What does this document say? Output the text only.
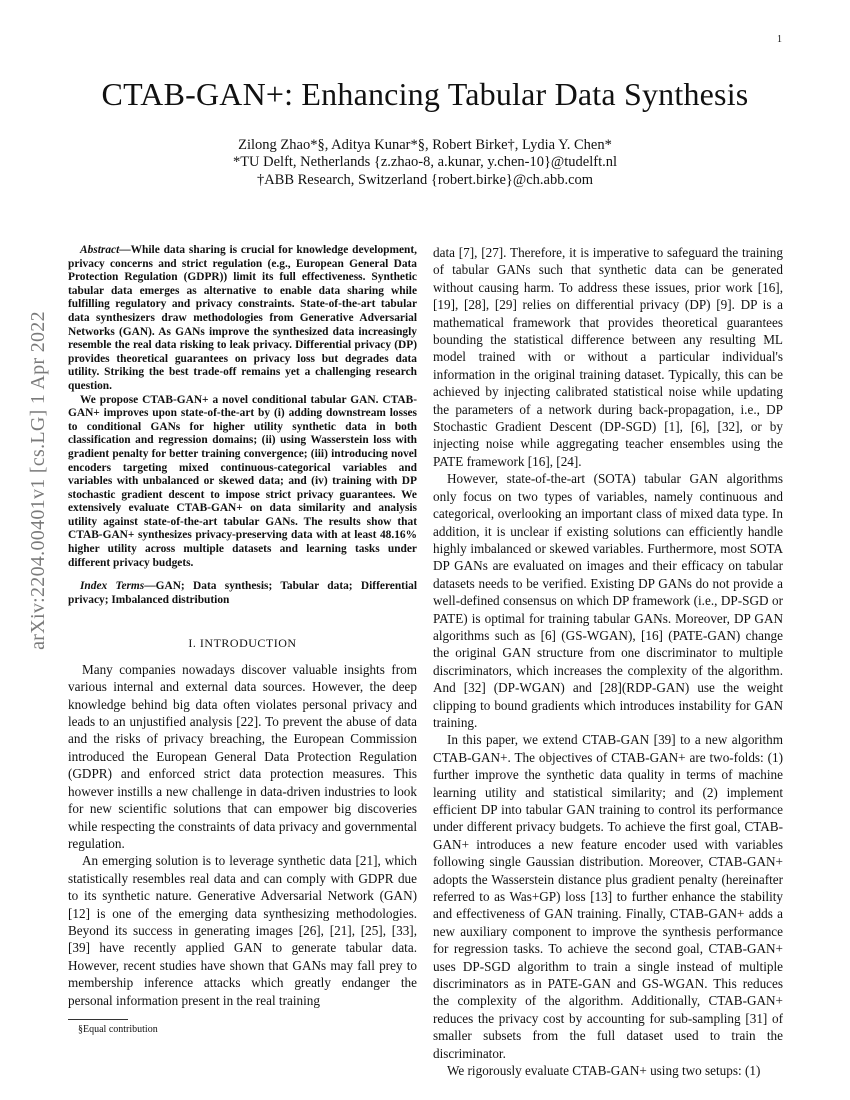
1
arXiv:2204.00401v1 [cs.LG] 1 Apr 2022
CTAB-GAN+: Enhancing Tabular Data Synthesis
Zilong Zhao*§, Aditya Kunar*§, Robert Birke†, Lydia Y. Chen*
*TU Delft, Netherlands {z.zhao-8, a.kunar, y.chen-10}@tudelft.nl
†ABB Research, Switzerland {robert.birke}@ch.abb.com

Abstract—While data sharing is crucial for knowledge development, privacy concerns and strict regulation (e.g., European General Data Protection Regulation (GDPR)) limit its full effectiveness. Synthetic tabular data emerges as alternative to enable data sharing while fulfilling regulatory and privacy constraints. State-of-the-art tabular data synthesizers draw methodologies from Generative Adversarial Networks (GAN). As GANs improve the synthesized data increasingly resemble the real data risking to leak privacy. Differential privacy (DP) provides theoretical guarantees on privacy loss but degrades data utility. Striking the best trade-off remains yet a challenging research question.

We propose CTAB-GAN+ a novel conditional tabular GAN. CTAB-GAN+ improves upon state-of-the-art by (i) adding downstream losses to conditional GANs for higher utility synthetic data in both classification and regression domains; (ii) using Wasserstein loss with gradient penalty for better training convergence; (iii) introducing novel encoders targeting mixed continuous-categorical variables and variables with unbalanced or skewed data; and (iv) training with DP stochastic gradient descent to impose strict privacy guarantees. We extensively evaluate CTAB-GAN+ on data similarity and analysis utility against state-of-the-art tabular GANs. The results show that CTAB-GAN+ synthesizes privacy-preserving data with at least 48.16% higher utility across multiple datasets and learning tasks under different privacy budgets.

Index Terms—GAN; Data synthesis; Tabular data; Differential privacy; Imbalanced distribution

I. INTRODUCTION

Many companies nowadays discover valuable insights from various internal and external data sources. However, the deep knowledge behind big data often violates personal privacy and leads to an unjustified analysis [22]. To prevent the abuse of data and the risks of privacy breaching, the European Commission introduced the European General Data Protection Regulation (GDPR) and enforced strict data protection measures. This however instills a new challenge in data-driven industries to look for new scientific solutions that can empower big discoveries while respecting the constraints of data privacy and governmental regulation.

An emerging solution is to leverage synthetic data [21], which statistically resembles real data and can comply with GDPR due to its synthetic nature. Generative Adversarial Network (GAN) [12] is one of the emerging data synthesizing methodologies. Beyond its success in generating images [26], [21], [25], [33], [39] have recently applied GAN to generate tabular data. However, recent studies have shown that GANs may fall prey to membership inference attacks which greatly endanger the personal information present in the real training

data [7], [27]. Therefore, it is imperative to safeguard the training of tabular GANs such that synthetic data can be generated without causing harm. To address these issues, prior work [16], [19], [28], [29] relies on differential privacy (DP) [9]. DP is a mathematical framework that provides theoretical guarantees bounding the statistical difference between any resulting ML model trained with or without a particular individual's information in the original training dataset. Typically, this can be achieved by injecting calibrated statistical noise while updating the parameters of a network during back-propagation, i.e., DP Stochastic Gradient Descent (DP-SGD) [1], [6], [32], or by injecting noise while aggregating teacher ensembles using the PATE framework [16], [24].

However, state-of-the-art (SOTA) tabular GAN algorithms only focus on two types of variables, namely continuous and categorical, overlooking an important class of mixed data type. In addition, it is unclear if existing solutions can efficiently handle highly imbalanced or skewed variables. Furthermore, most SOTA DP GANs are evaluated on images and their efficacy on tabular datasets needs to be verified. Existing DP GANs do not provide a well-defined consensus on which DP framework (i.e., DP-SGD or PATE) is optimal for training tabular GANs. Moreover, DP GAN algorithms such as [6] (GS-WGAN), [16] (PATE-GAN) change the original GAN structure from one discriminator to multiple discriminators, which increases the complexity of the algorithm. And [32] (DP-WGAN) and [28](RDP-GAN) use the weight clipping to bound gradients which introduces instability for GAN training.

In this paper, we extend CTAB-GAN [39] to a new algorithm CTAB-GAN+. The objectives of CTAB-GAN+ are two-folds: (1) further improve the synthetic data quality in terms of machine learning utility and statistical similarity; and (2) implement efficient DP into tabular GAN training to control its performance under different privacy budgets. To achieve the first goal, CTAB-GAN+ introduces a new feature encoder used with variables following single Gaussian distribution. Moreover, CTAB-GAN+ adopts the Wasserstein distance plus gradient penalty (hereinafter referred to as Was+GP) loss [13] to further enhance the stability and effectiveness of GAN training. Finally, CTAB-GAN+ adds a new auxiliary component to improve the synthesis performance for regression tasks. To achieve the second goal, CTAB-GAN+ uses DP-SGD algorithm to train a single instead of multiple discriminators as in PATE-GAN and GS-WGAN. This reduces the complexity of the algorithm. Additionally, CTAB-GAN+ reduces the privacy cost by accounting for sub-sampling [31] of smaller subsets from the full dataset used to train the discriminator.

We rigorously evaluate CTAB-GAN+ using two setups: (1)

§Equal contribution
